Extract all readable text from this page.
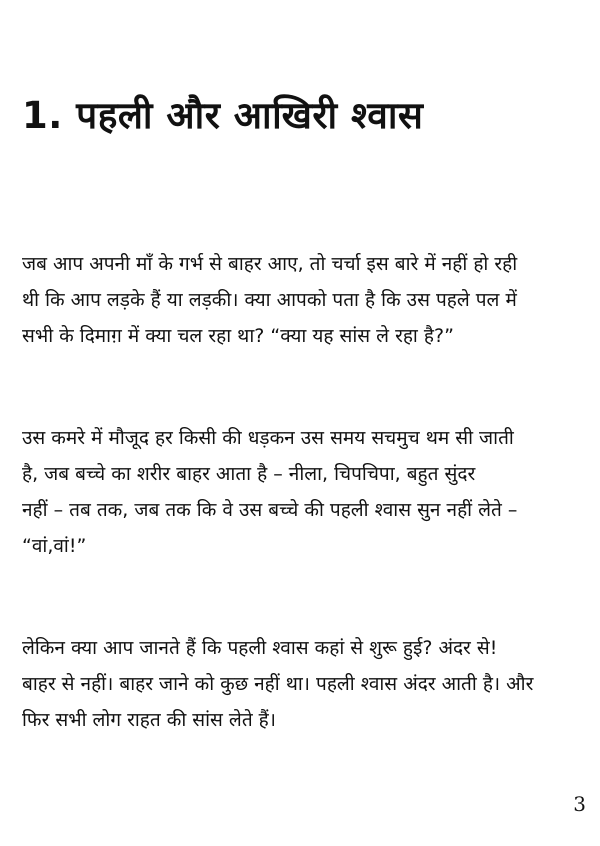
1. पहली और आखिरी श्वास

जब आप अपनी माँ के गर्भ से बाहर आए, तो चर्चा इस बारे में नहीं हो रही
थी कि आप लड़के हैं या लड़की। क्या आपको पता है कि उस पहले पल में
सभी के दिमाग़ में क्या चल रहा था? “क्या यह सांस ले रहा है?”

उस कमरे में मौजूद हर किसी की धड़कन उस समय सचमुच थम सी जाती
है, जब बच्चे का शरीर बाहर आता है – नीला, चिपचिपा, बहुत सुंदर
नहीं – तब तक, जब तक कि वे उस बच्चे की पहली श्वास सुन नहीं लेते –
“वां,वां!”

लेकिन क्या आप जानते हैं कि पहली श्वास कहां से शुरू हुई? अंदर से!
बाहर से नहीं। बाहर जाने को कुछ नहीं था। पहली श्वास अंदर आती है। और
फिर सभी लोग राहत की सांस लेते हैं।

3
